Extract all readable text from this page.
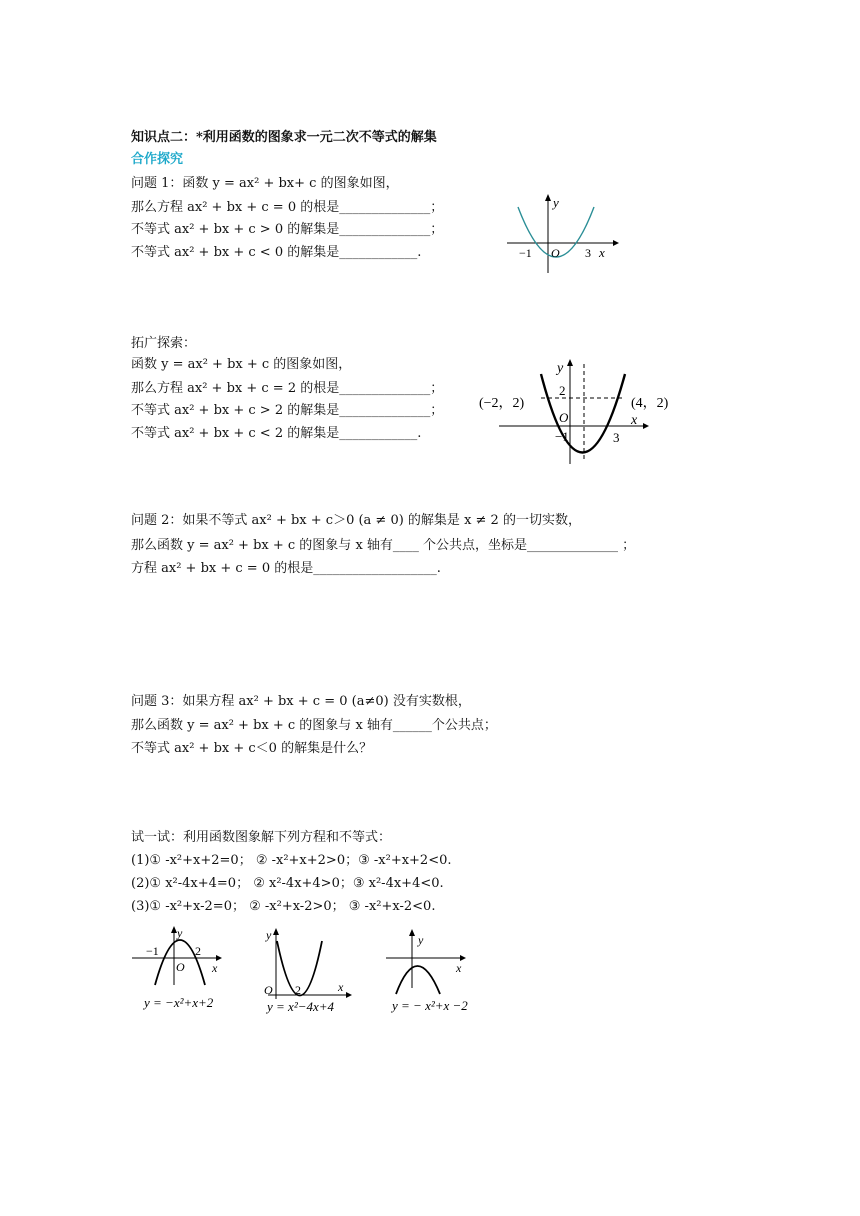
知识点二：*利用函数的图象求一元二次不等式的解集
合作探究
问题 1：函数 y = ax² + bx+ c 的图象如图，
那么方程 ax² + bx + c = 0 的根是______________；
不等式 ax² + bx + c > 0 的解集是______________；
不等式 ax² + bx + c < 0 的解集是____________.
y
x
O
−1	3
拓广探索：
函数 y = ax² + bx + c 的图象如图，
那么方程 ax² + bx + c = 2 的根是______________；
不等式 ax² + bx + c > 2 的解集是______________；
不等式 ax² + bx + c < 2 的解集是____________.
y
x
O
2
−1	3
(−2，2)	(4，2)
问题 2：如果不等式 ax² + bx + c＞0 (a ≠ 0) 的解集是 x ≠ 2 的一切实数，
那么函数 y = ax² + bx + c 的图象与 x 轴有____ 个公共点，坐标是______________ ；
方程 ax² + bx + c = 0 的根是___________________.
问题 3：如果方程 ax² + bx + c = 0 (a≠0) 没有实数根，
那么函数 y = ax² + bx + c 的图象与 x 轴有______个公共点；
不等式 ax² + bx + c＜0 的解集是什么？
试一试：利用函数图象解下列方程和不等式：
(1)① -x²+x+2=0； ② -x²+x+2>0；③ -x²+x+2<0.
(2)① x²-4x+4=0； ② x²-4x+4>0；③ x²-4x+4<0.
(3)① -x²+x-2=0； ② -x²+x-2>0； ③ -x²+x-2<0.
y
x
O
−1	2
y = −x²+x+2
y
x
O 2
y = x²−4x+4
y
x
y = − x²+x −2
